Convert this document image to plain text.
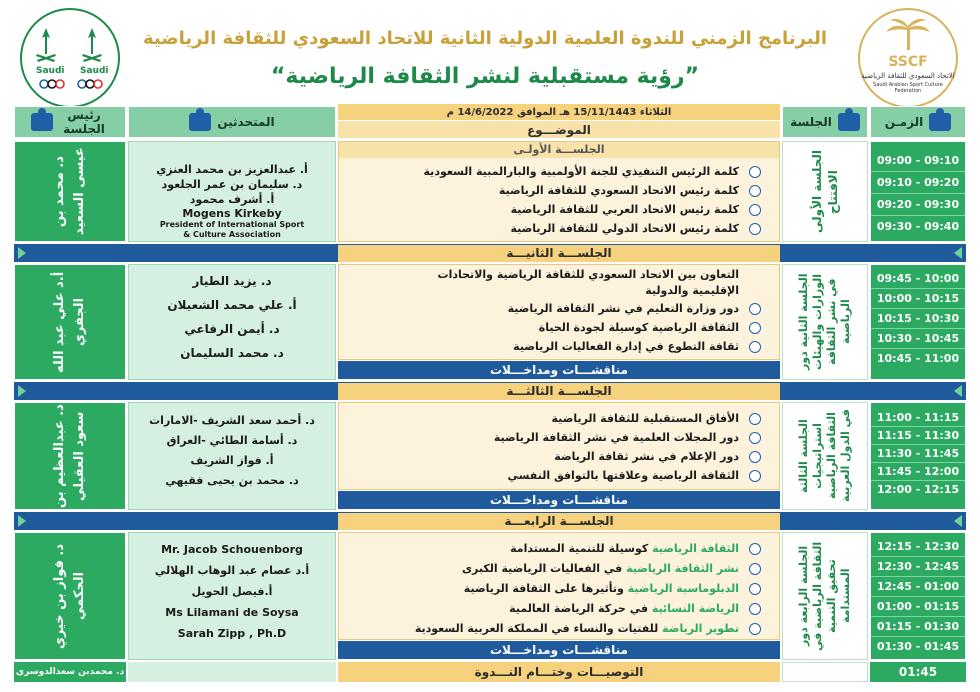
Saudi Saudi
SSCF
الاتحاد السعودي للثقافة الرياضية
Saudi Arabian Sport Culture Federation
البرنامج الزمني للندوة العلمية الدولية الثانية للاتحاد السعودي للثقافة الرياضية
”رؤية مستقبلية لنشر الثقافة الرياضية“
الزمـن
الجلسة
الثلاثاء 15/11/1443 هـ الموافق 14/6/2022 م
الموضـــوع
المتحدثين
رئيس الجلسة
09:00 - 09:10
09:10 - 09:20
09:20 - 09:30
09:30 - 09:40
الجلسة الأولى الافتتاح
الجلســـة الأولـى
كلمة الرئيس التنفيذي للجنة الأولمبية والبارالمبية السعودية
كلمة رئيس الاتحاد السعودي للثقافة الرياضية
كلمة رئيس الاتحاد العربي للثقافة الرياضية
كلمة رئيس الاتحاد الدولي للثقافة الرياضية
أ. عبدالعزيز بن محمد العنزي
د. سليمان بن عمر الجلعود
أ. أشرف محمود
Mogens Kirkeby
President of International Sport & Culture Association
د. محمد بن عيسى السعيد
الجلســـة الثانيـــة
09:45 - 10:00
10:00 - 10:15
10:15 - 10:30
10:30 - 10:45
10:45 - 11:00
الجلسة الثانية دور الوزارات والهيئات في نشر الثقافة الرياضية
التعاون بين الاتحاد السعودي للثقافة الرياضية والاتحادات الإقليمية والدولية
دور وزارة التعليم في نشر الثقافة الرياضية
الثقافة الرياضية كوسيلة لجودة الحياة
ثقافة التطوع في إدارة الفعاليات الرياضية
مناقشـــات ومداخـــلات
د. يزيد الطيار
أ. علي محمد الشعيلان
د. أيمن الرفاعي
د. محمد السليمان
أ.د علي عبد الله الجفري
الجلســـة الثالثـــة
11:00 - 11:15
11:15 - 11:30
11:30 - 11:45
11:45 - 12:00
12:00 - 12:15
الجلسة الثالثة استراتيجيات الثقافة الرياضية في الدول العربية
الأفاق المستقبلية للثقافة الرياضية
دور المجلات العلمية في نشر الثقافة الرياضية
دور الإعلام في نشر ثقافة الرياضة
الثقافة الرياضية وعلاقتها بالتوافق النفسي
مناقشـــات ومداخـــلات
د. أحمد سعد الشريف -الامارات
د. أسامة الطائي -العراق
أ. فواز الشريف
د. محمد بن يحيى فقيهي
د. عبدالعظيم بن سعود العقيلي
الجلســـة الرابعـــة
12:15 - 12:30
12:30 - 12:45
12:45 - 01:00
01:00 - 01:15
01:15 - 01:30
01:30 - 01:45
الجلسة الرابعة دور الثقافة الرياضية في تحقيق التنمية المستدامة
الثقافة الرياضية كوسيلة للتنمية المستدامة
نشر الثقافة الرياضية في الفعاليات الرياضية الكبرى
الدبلوماسية الرياضية وتأثيرها على الثقافة الرياضية
الرياضة النسائية في حركة الرياضة العالمية
تطوير الرياضة للفتيات والنساء في المملكة العربية السعودية
مناقشـــات ومداخـــلات
Mr. Jacob Schouenborg
أ.د عصام عبد الوهاب الهلالي
أ.فيصل الحويل
Ms Lilamani de Soysa
Sarah Zipp , Ph.D
د. فواز بن خيري الحكمي
01:45
التوصيـــات وختـــام النـــدوة
د. محمدبن سعدالدوسري
